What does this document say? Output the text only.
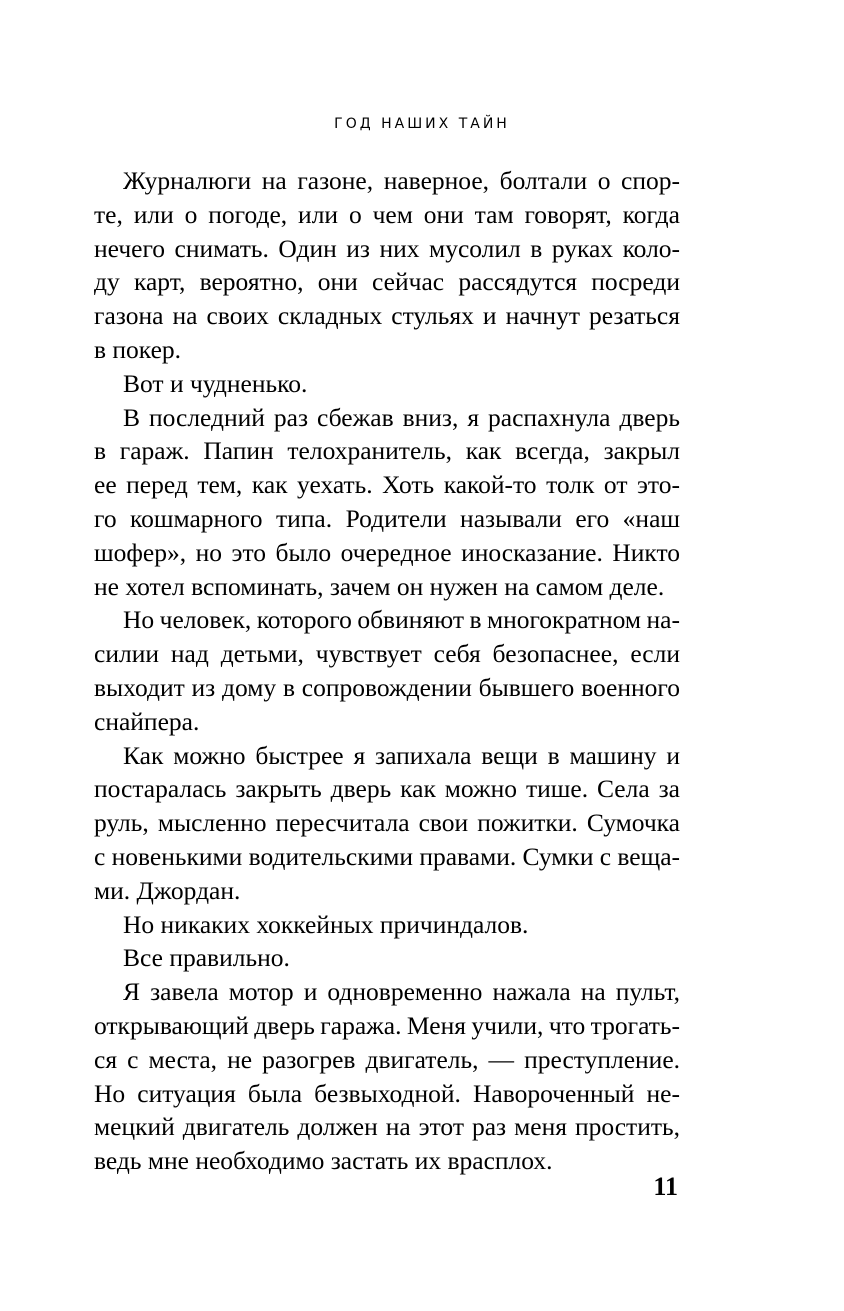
ГОД НАШИХ ТАЙН
Журналюги на газоне, наверное, болтали о спор-
те, или о погоде, или о чем они там говорят, когда
нечего снимать. Один из них мусолил в руках коло-
ду карт, вероятно, они сейчас рассядутся посреди
газона на своих складных стульях и начнут резаться
в покер.
Вот и чудненько.
В последний раз сбежав вниз, я распахнула дверь
в гараж. Папин телохранитель, как всегда, закрыл
ее перед тем, как уехать. Хоть какой-то толк от это-
го кошмарного типа. Родители называли его «наш
шофер», но это было очередное иносказание. Никто
не хотел вспоминать, зачем он нужен на самом деле.
Но человек, которого обвиняют в многократном на-
силии над детьми, чувствует себя безопаснее, если
выходит из дому в сопровождении бывшего военного
снайпера.
Как можно быстрее я запихала вещи в машину и
постаралась закрыть дверь как можно тише. Села за
руль, мысленно пересчитала свои пожитки. Сумочка
с новенькими водительскими правами. Сумки с веща-
ми. Джордан.
Но никаких хоккейных причиндалов.
Все правильно.
Я завела мотор и одновременно нажала на пульт,
открывающий дверь гаража. Меня учили, что трогать-
ся с места, не разогрев двигатель, — преступление.
Но ситуация была безвыходной. Навороченный не-
мецкий двигатель должен на этот раз меня простить,
ведь мне необходимо застать их врасплох.
11
